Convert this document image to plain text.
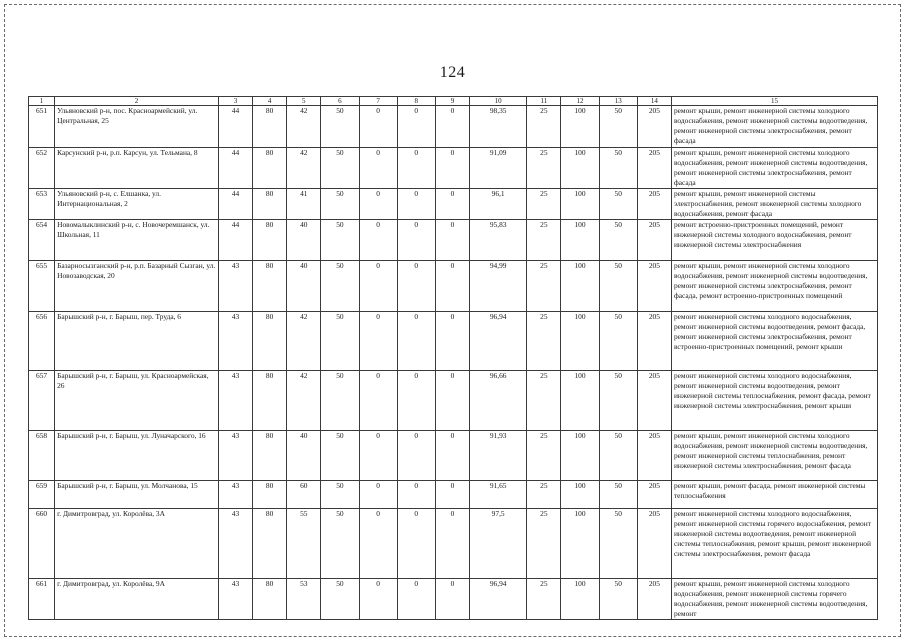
124
1	2	3	4	5	6	7	8	9	10	11	12	13	14	15
651	Ульяновский р-н, пос. Красноармейский, ул. Центральная, 25	44	80	42	50	0	0	0	98,35	25	100	50	205	ремонт крыши, ремонт инженерной системы холодного водоснабжения, ремонт инженерной системы водоотведения, ремонт инженерной системы электроснабжения, ремонт фасада
652	Карсунский р-н, р.п. Карсун, ул. Тельмана, 8	44	80	42	50	0	0	0	91,09	25	100	50	205	ремонт крыши, ремонт инженерной системы холодного водоснабжения, ремонт инженерной системы водоотведения, ремонт инженерной системы электроснабжения, ремонт фасада
653	Ульяновский р-н, с. Елшанка, ул. Интернациональная, 2	44	80	41	50	0	0	0	96,1	25	100	50	205	ремонт крыши, ремонт инженерной системы электроснабжения, ремонт инженерной системы холодного водоснабжения, ремонт фасада
654	Новомалыклинский р-н, с. Новочеремшанск, ул. Школьная, 11	44	80	40	50	0	0	0	95,83	25	100	50	205	ремонт встроенно-пристроенных помещений, ремонт инженерной системы холодного водоснабжения, ремонт инженерной системы электроснабжения
655	Базарносызганский р-н, р.п. Базарный Сызган, ул. Новозаводская, 20	43	80	40	50	0	0	0	94,99	25	100	50	205	ремонт крыши, ремонт инженерной системы холодного водоснабжения, ремонт инженерной системы водоотведения, ремонт инженерной системы электроснабжения, ремонт фасада, ремонт встроенно-пристроенных помещений
656	Барышский р-н, г. Барыш, пер. Труда, 6	43	80	42	50	0	0	0	96,94	25	100	50	205	ремонт инженерной системы холодного водоснабжения, ремонт инженерной системы водоотведения, ремонт фасада, ремонт инженерной системы электроснабжения, ремонт встроенно-пристроенных помещений, ремонт крыши
657	Барышский р-н, г. Барыш, ул. Красноармейская, 26	43	80	42	50	0	0	0	96,66	25	100	50	205	ремонт инженерной системы холодного водоснабжения, ремонт инженерной системы водоотведения, ремонт инженерной системы теплоснабжения, ремонт фасада, ремонт инженерной системы электроснабжения, ремонт крыши
658	Барышский р-н, г. Барыш, ул. Луначарского, 16	43	80	40	50	0	0	0	91,93	25	100	50	205	ремонт крыши, ремонт инженерной системы холодного водоснабжения, ремонт инженерной системы водоотведения, ремонт инженерной системы теплоснабжения, ремонт инженерной системы электроснабжения, ремонт фасада
659	Барышский р-н, г. Барыш, ул. Молчанова, 15	43	80	60	50	0	0	0	91,65	25	100	50	205	ремонт крыши, ремонт фасада, ремонт инженерной системы теплоснабжения
660	г. Димитровград, ул. Королёва, 3А	43	80	55	50	0	0	0	97,5	25	100	50	205	ремонт инженерной системы холодного водоснабжения, ремонт инженерной системы горячего водоснабжения, ремонт инженерной системы водоотведения, ремонт инженерной системы теплоснабжения, ремонт крыши, ремонт инженерной системы электроснабжения, ремонт фасада
661	г. Димитровград, ул. Королёва, 9А	43	80	53	50	0	0	0	96,94	25	100	50	205	ремонт крыши, ремонт инженерной системы холодного водоснабжения, ремонт инженерной системы горячего водоснабжения, ремонт инженерной системы водоотведения, ремонт
